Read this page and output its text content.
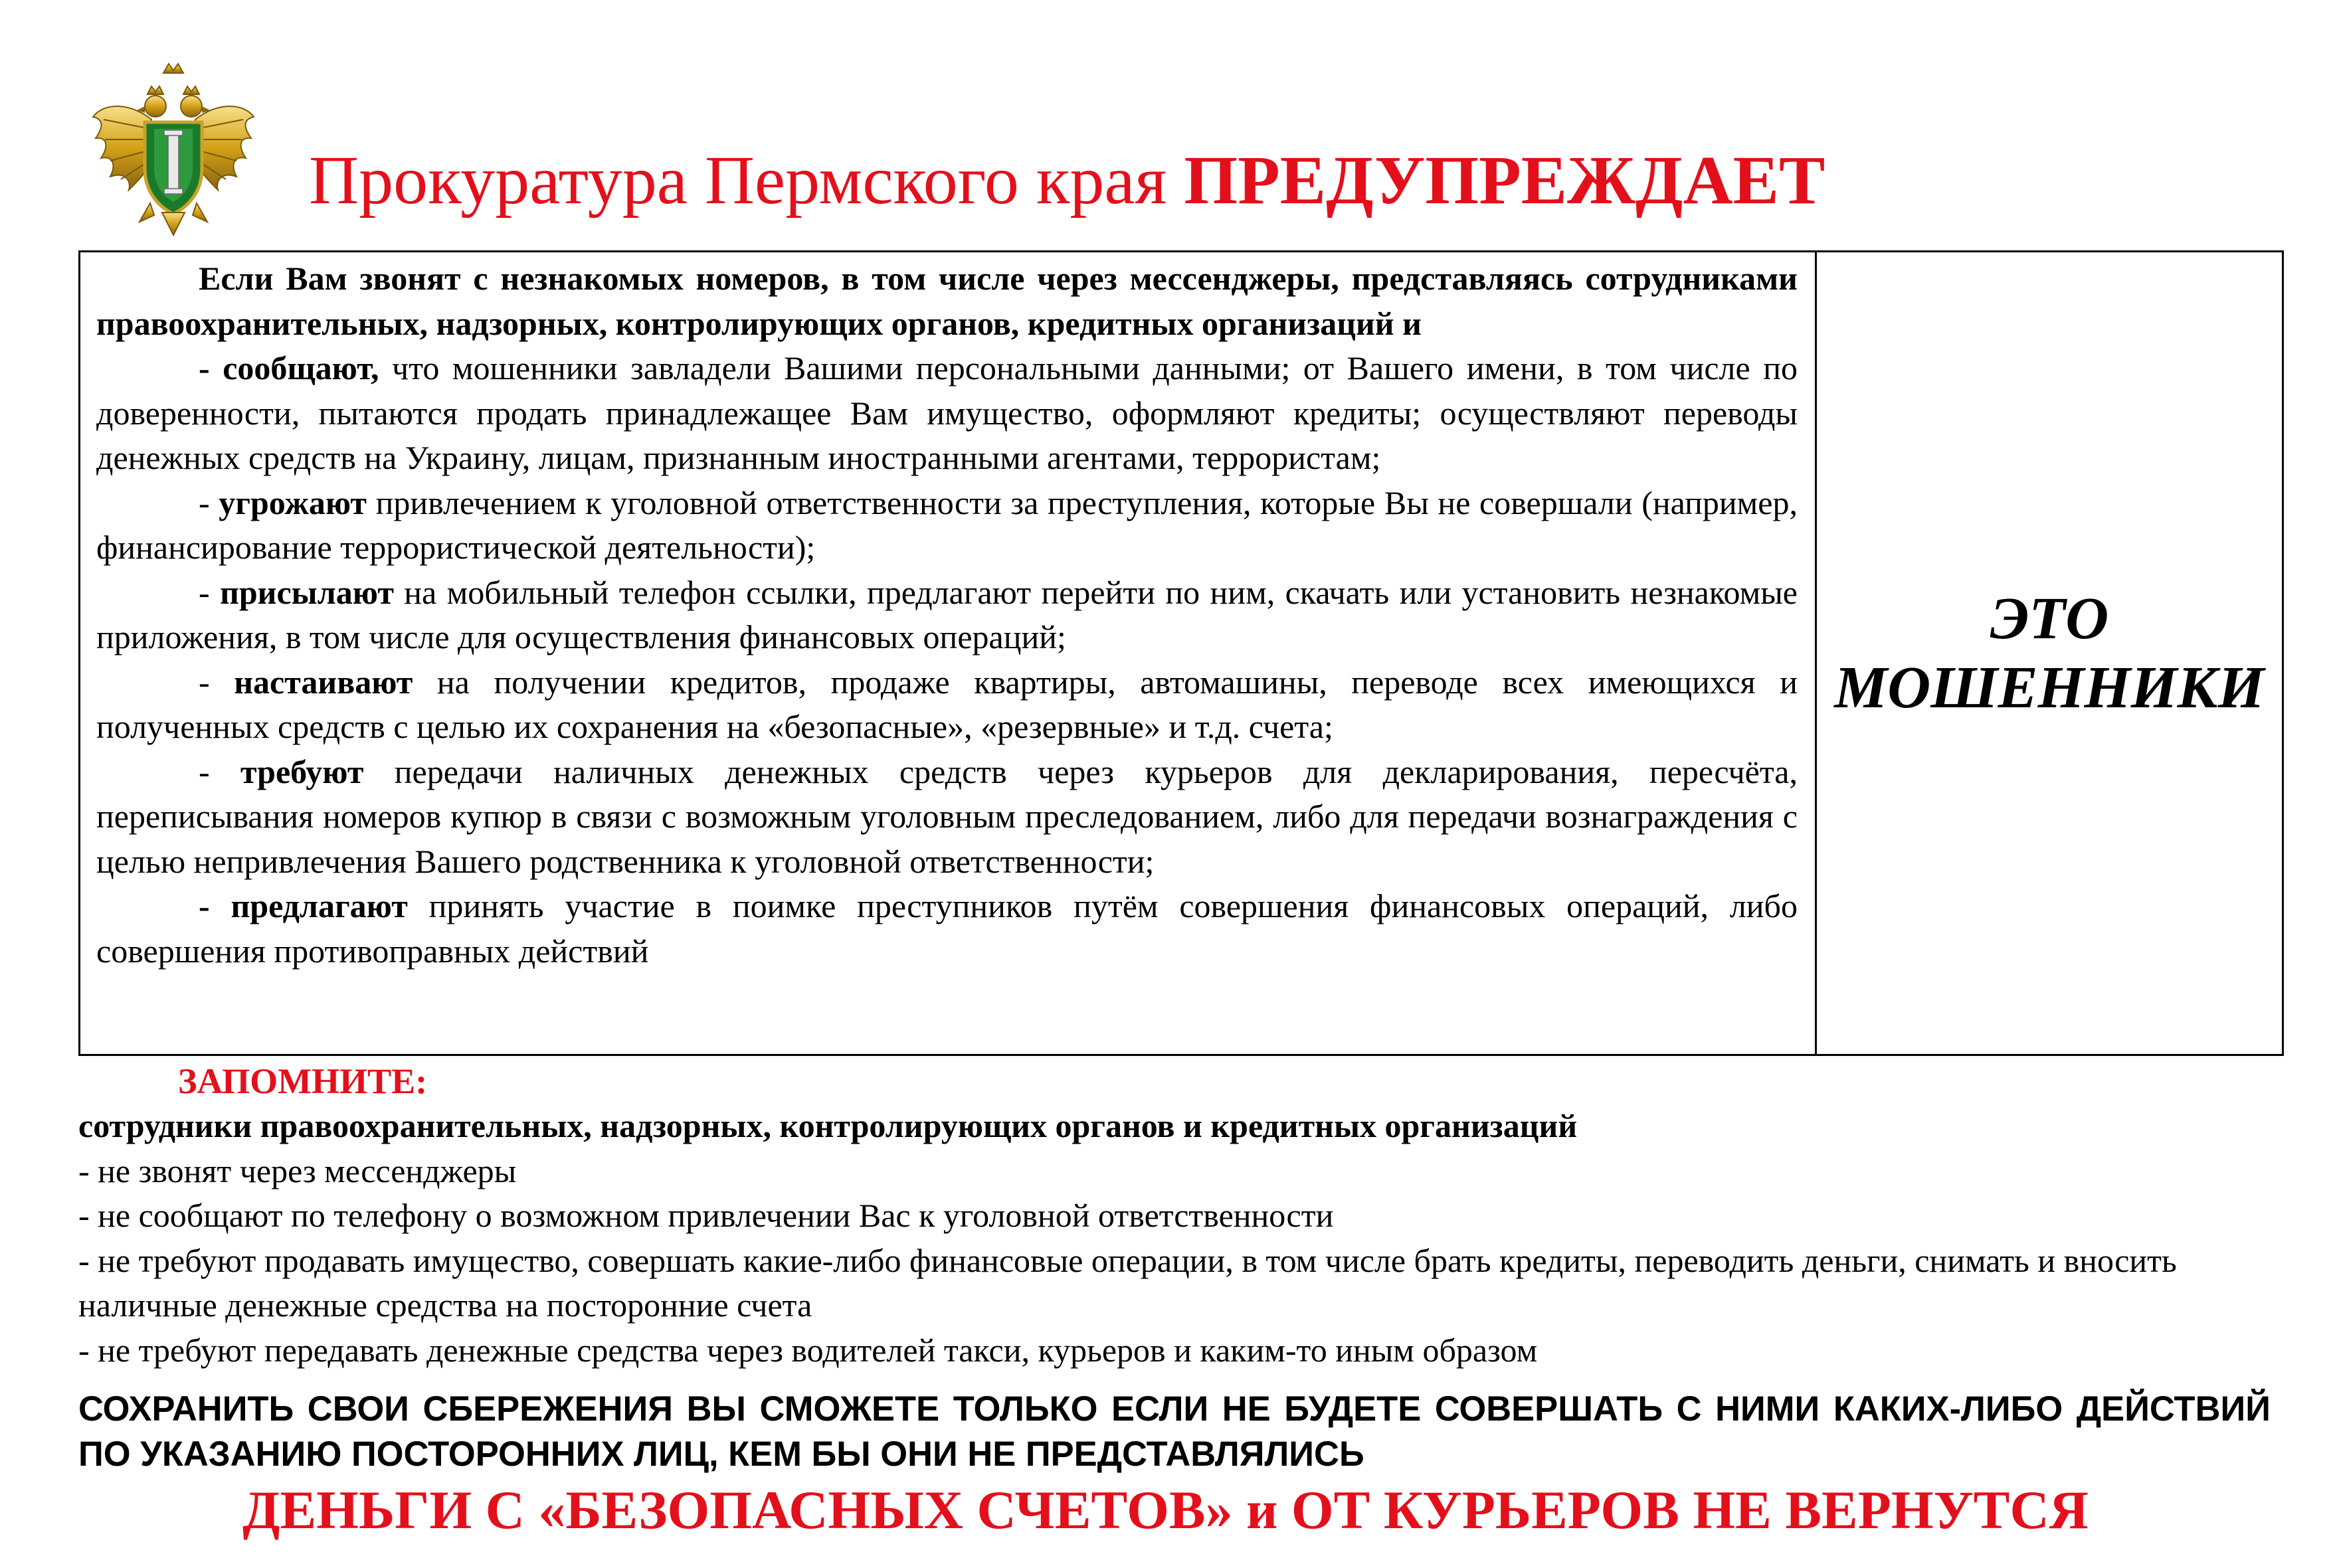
Прокуратура Пермского края ПРЕДУПРЕЖДАЕТ

Если Вам звонят с незнакомых номеров, в том числе через мессенджеры, представляясь сотрудниками правоохранительных, надзорных, контролирующих органов, кредитных организаций и

- сообщают, что мошенники завладели Вашими персональными данными; от Вашего имени, в том числе по доверенности, пытаются продать принадлежащее Вам имущество, оформляют кредиты; осуществляют переводы денежных средств на Украину, лицам, признанным иностранными агентами, террористам;

- угрожают привлечением к уголовной ответственности за преступления, которые Вы не совершали (например, финансирование террористической деятельности);

- присылают на мобильный телефон ссылки, предлагают перейти по ним, скачать или установить незнакомые приложения, в том числе для осуществления финансовых операций;

- настаивают на получении кредитов, продаже квартиры, автомашины, переводе всех имеющихся и полученных средств с целью их сохранения на «безопасные», «резервные» и т.д. счета;

- требуют передачи наличных денежных средств через курьеров для декларирования, пересчёта, переписывания номеров купюр в связи с возможным уголовным преследованием, либо для передачи вознаграждения с целью непривлечения Вашего родственника к уголовной ответственности;

- предлагают принять участие в поимке преступников путём совершения финансовых операций, либо совершения противоправных действий

ЭТО
МОШЕННИКИ

ЗАПОМНИТЕ:

сотрудники правоохранительных, надзорных, контролирующих органов и кредитных организаций

- не звонят через мессенджеры

- не сообщают по телефону о возможном привлечении Вас к уголовной ответственности

- не требуют продавать имущество, совершать какие-либо финансовые операции, в том числе брать кредиты, переводить деньги, снимать и вносить наличные денежные средства на посторонние счета

- не требуют передавать денежные средства через водителей такси, курьеров и каким-то иным образом

СОХРАНИТЬ СВОИ СБЕРЕЖЕНИЯ ВЫ СМОЖЕТЕ ТОЛЬКО ЕСЛИ НЕ БУДЕТЕ СОВЕРШАТЬ С НИМИ КАКИХ-ЛИБО ДЕЙСТВИЙ ПО УКАЗАНИЮ ПОСТОРОННИХ ЛИЦ, КЕМ БЫ ОНИ НЕ ПРЕДСТАВЛЯЛИСЬ

ДЕНЬГИ С «БЕЗОПАСНЫХ СЧЕТОВ» и ОТ КУРЬЕРОВ НЕ ВЕРНУТСЯ
